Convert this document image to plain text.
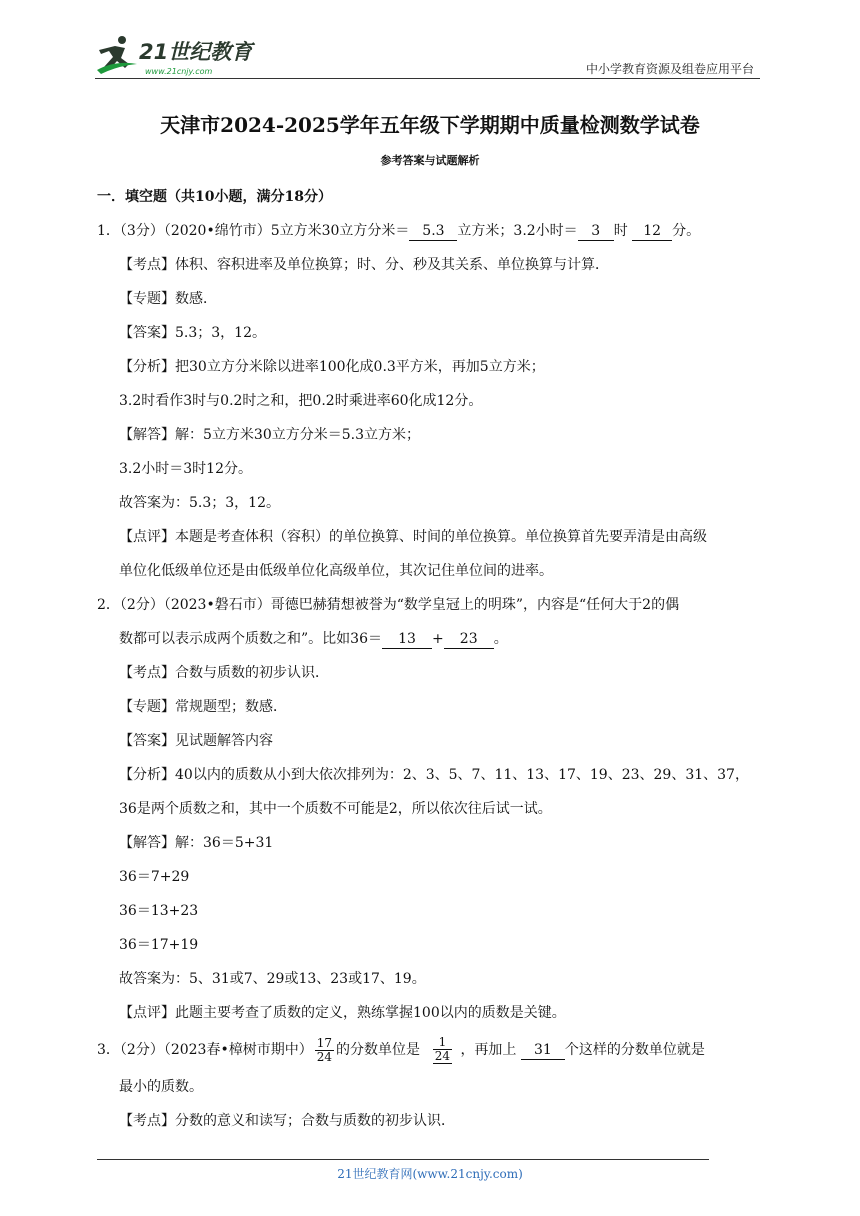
21世纪教育
www.21cnjy.com	中小学教育资源及组卷应用平台
天津市2024-2025学年五年级下学期期中质量检测数学试卷
参考答案与试题解析
一．填空题（共10小题，满分18分）
1．（3分）（2020•绵竹市）5立方米30立方分米＝ 5.3 立方米；3.2小时＝ 3 时 12 分。
【考点】体积、容积进率及单位换算；时、分、秒及其关系、单位换算与计算．
【专题】数感．
【答案】5.3；3，12。
【分析】把30立方分米除以进率100化成0.3平方米，再加5立方米；
3.2时看作3时与0.2时之和，把0.2时乘进率60化成12分。
【解答】解：5立方米30立方分米＝5.3立方米；
3.2小时＝3时12分。
故答案为：5.3；3，12。
【点评】本题是考查体积（容积）的单位换算、时间的单位换算。单位换算首先要弄清是由高级
单位化低级单位还是由低级单位化高级单位，其次记住单位间的进率。
2．（2分）（2023•磐石市）哥德巴赫猜想被誉为“数学皇冠上的明珠”，内容是“任何大于2的偶
数都可以表示成两个质数之和”。比如36＝ 13 + 23 。
【考点】合数与质数的初步认识．
【专题】常规题型；数感．
【答案】见试题解答内容
【分析】40以内的质数从小到大依次排列为：2、3、5、7、11、13、17、19、23、29、31、37，
36是两个质数之和，其中一个质数不可能是2，所以依次往后试一试。
【解答】解：36＝5+31
36＝7+29
36＝13+23
36＝17+19
故答案为：5、31或7、29或13、23或17、19。
【点评】此题主要考查了质数的定义，熟练掌握100以内的质数是关键。
3．（2分）（2023春•樟树市期中） $\frac{17}{24}$ 的分数单位是 $\frac{1}{24}$ ，再加上 31 个这样的分数单位就是
最小的质数。
【考点】分数的意义和读写；合数与质数的初步认识．
21世纪教育网(www.21cnjy.com)
